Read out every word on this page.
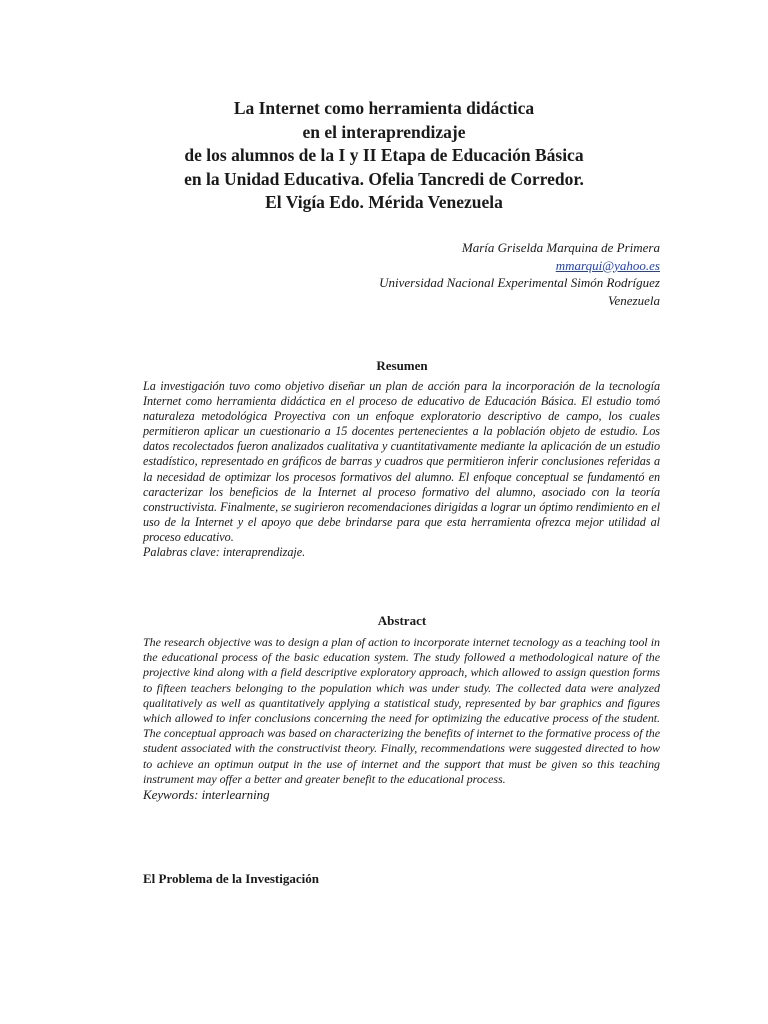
La Internet como herramienta didáctica
en el interaprendizaje
de los alumnos de la I y II Etapa de Educación Básica
en la Unidad Educativa. Ofelia Tancredi de Corredor.
El Vigía Edo. Mérida Venezuela
María Griselda Marquina de Primera
mmarqui@yahoo.es
Universidad Nacional Experimental Simón Rodríguez
Venezuela
Resumen

La investigación tuvo como objetivo diseñar un plan de acción para la incorporación de la tecnología Internet como herramienta didáctica en el proceso de educativo de Educación Básica. El estudio tomó naturaleza metodológica Proyectiva con un enfoque exploratorio descriptivo de campo, los cuales permitieron aplicar un cuestionario a 15 docentes pertenecientes a la población objeto de estudio. Los datos recolectados fueron analizados cualitativa y cuantitativamente mediante la aplicación de un estudio estadístico, representado en gráficos de barras y cuadros que permitieron inferir conclusiones referidas a la necesidad de optimizar los procesos formativos del alumno. El enfoque conceptual se fundamentó en caracterizar los beneficios de la Internet al proceso formativo del alumno, asociado con la teoría constructivista. Finalmente, se sugirieron recomendaciones dirigidas a lograr un óptimo rendimiento en el uso de la Internet y el apoyo que debe brindarse para que esta herramienta ofrezca mejor utilidad al proceso educativo.

Palabras clave: interaprendizaje.

Abstract

The research objective was to design a plan of action to incorporate internet tecnology as a teaching tool in the educational process of the basic education system. The study followed a methodological nature of the projective kind along with a field descriptive exploratory approach, which allowed to assign question forms to fifteen teachers belonging to the population which was under study. The collected data were analyzed qualitatively as well as quantitatively applying a statistical study, represented by bar graphics and figures which allowed to infer conclusions concerning the need for optimizing the educative process of the student. The conceptual approach was based on characterizing the benefits of internet to the formative process of the student associated with the constructivist theory. Finally, recommendations were suggested directed to how to achieve an optimun output in the use of internet and the support that must be given so this teaching instrument may offer a better and greater benefit to the educational process.

Keywords: interlearning

El Problema de la Investigación
